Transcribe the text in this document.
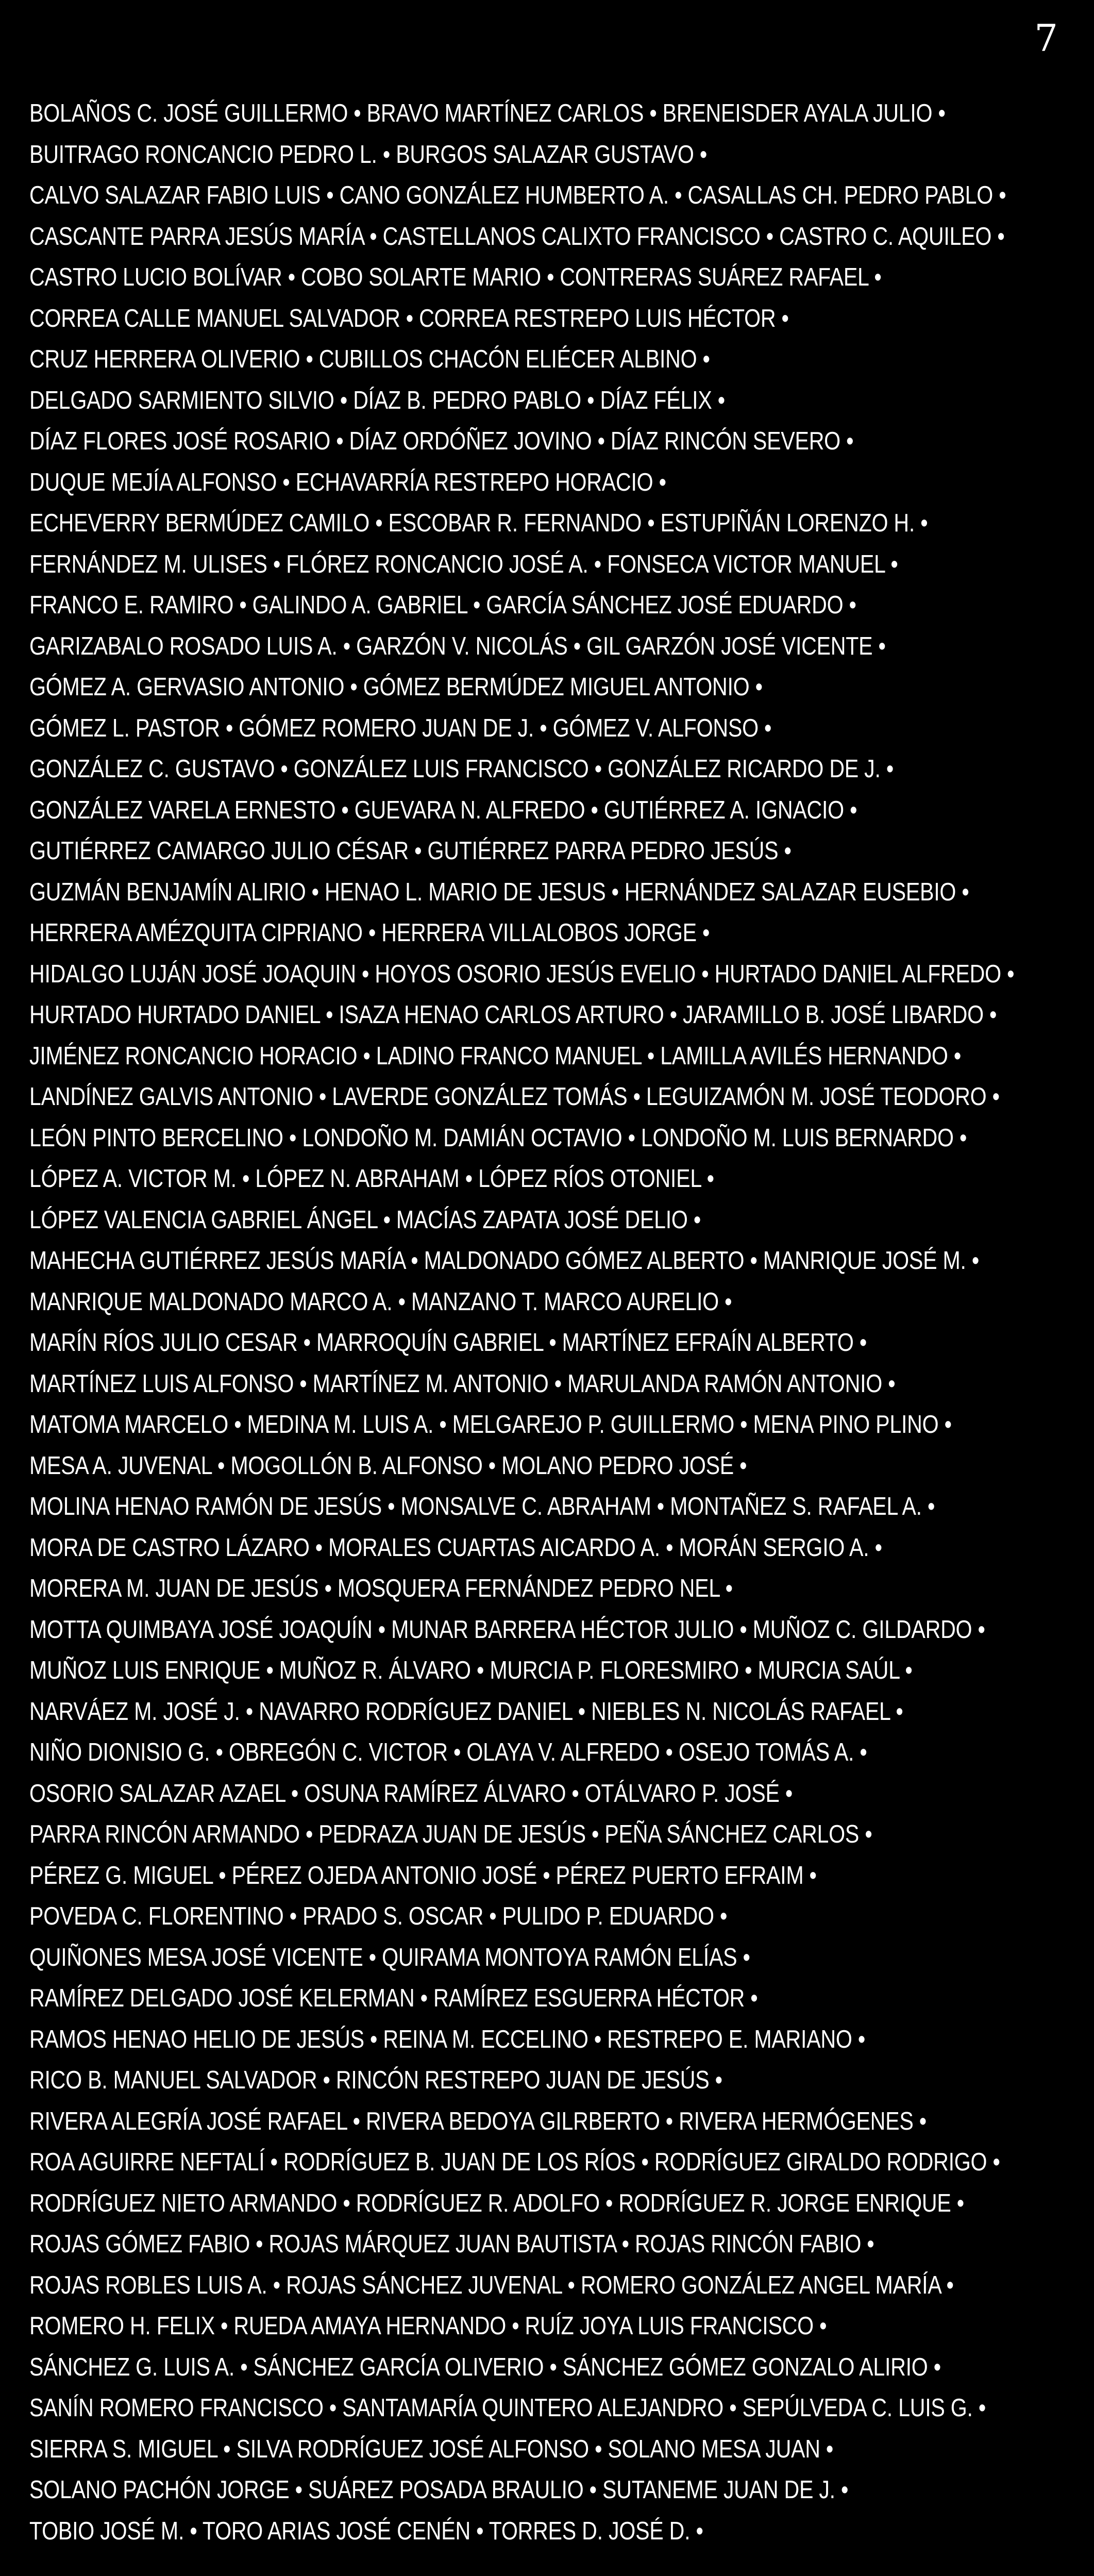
7
BOLAÑOS C. JOSÉ GUILLERMO • BRAVO MARTÍNEZ CARLOS • BRENEISDER AYALA JULIO •
BUITRAGO RONCANCIO PEDRO L. • BURGOS SALAZAR GUSTAVO •
CALVO SALAZAR FABIO LUIS • CANO GONZÁLEZ HUMBERTO A. • CASALLAS CH. PEDRO PABLO •
CASCANTE PARRA JESÚS MARÍA • CASTELLANOS CALIXTO FRANCISCO • CASTRO C. AQUILEO •
CASTRO LUCIO BOLÍVAR • COBO SOLARTE MARIO • CONTRERAS SUÁREZ RAFAEL •
CORREA CALLE MANUEL SALVADOR • CORREA RESTREPO LUIS HÉCTOR •
CRUZ HERRERA OLIVERIO • CUBILLOS CHACÓN ELIÉCER ALBINO •
DELGADO SARMIENTO SILVIO • DÍAZ B. PEDRO PABLO • DÍAZ FÉLIX •
DÍAZ FLORES JOSÉ ROSARIO • DÍAZ ORDÓÑEZ JOVINO • DÍAZ RINCÓN SEVERO •
DUQUE MEJÍA ALFONSO • ECHAVARRÍA RESTREPO HORACIO •
ECHEVERRY BERMÚDEZ CAMILO • ESCOBAR R. FERNANDO • ESTUPIÑÁN LORENZO H. •
FERNÁNDEZ M. ULISES • FLÓREZ RONCANCIO JOSÉ A. • FONSECA VICTOR MANUEL •
FRANCO E. RAMIRO • GALINDO A. GABRIEL • GARCÍA SÁNCHEZ JOSÉ EDUARDO •
GARIZABALO ROSADO LUIS A. • GARZÓN V. NICOLÁS • GIL GARZÓN JOSÉ VICENTE •
GÓMEZ A. GERVASIO ANTONIO • GÓMEZ BERMÚDEZ MIGUEL ANTONIO •
GÓMEZ L. PASTOR • GÓMEZ ROMERO JUAN DE J. • GÓMEZ V. ALFONSO •
GONZÁLEZ C. GUSTAVO • GONZÁLEZ LUIS FRANCISCO • GONZÁLEZ RICARDO DE J. •
GONZÁLEZ VARELA ERNESTO • GUEVARA N. ALFREDO • GUTIÉRREZ A. IGNACIO •
GUTIÉRREZ CAMARGO JULIO CÉSAR • GUTIÉRREZ PARRA PEDRO JESÚS •
GUZMÁN BENJAMÍN ALIRIO • HENAO L. MARIO DE JESUS • HERNÁNDEZ SALAZAR EUSEBIO •
HERRERA AMÉZQUITA CIPRIANO • HERRERA VILLALOBOS JORGE •
HIDALGO LUJÁN JOSÉ JOAQUIN • HOYOS OSORIO JESÚS EVELIO • HURTADO DANIEL ALFREDO •
HURTADO HURTADO DANIEL • ISAZA HENAO CARLOS ARTURO • JARAMILLO B. JOSÉ LIBARDO •
JIMÉNEZ RONCANCIO HORACIO • LADINO FRANCO MANUEL • LAMILLA AVILÉS HERNANDO •
LANDÍNEZ GALVIS ANTONIO • LAVERDE GONZÁLEZ TOMÁS • LEGUIZAMÓN M. JOSÉ TEODORO •
LEÓN PINTO BERCELINO • LONDOÑO M. DAMIÁN OCTAVIO • LONDOÑO M. LUIS BERNARDO •
LÓPEZ A. VICTOR M. • LÓPEZ N. ABRAHAM • LÓPEZ RÍOS OTONIEL •
LÓPEZ VALENCIA GABRIEL ÁNGEL • MACÍAS ZAPATA JOSÉ DELIO •
MAHECHA GUTIÉRREZ JESÚS MARÍA • MALDONADO GÓMEZ ALBERTO • MANRIQUE JOSÉ M. •
MANRIQUE MALDONADO MARCO A. • MANZANO T. MARCO AURELIO •
MARÍN RÍOS JULIO CESAR • MARROQUÍN GABRIEL • MARTÍNEZ EFRAÍN ALBERTO •
MARTÍNEZ LUIS ALFONSO • MARTÍNEZ M. ANTONIO • MARULANDA RAMÓN ANTONIO •
MATOMA MARCELO • MEDINA M. LUIS A. • MELGAREJO P. GUILLERMO • MENA PINO PLINO •
MESA A. JUVENAL • MOGOLLÓN B. ALFONSO • MOLANO PEDRO JOSÉ •
MOLINA HENAO RAMÓN DE JESÚS • MONSALVE C. ABRAHAM • MONTAÑEZ S. RAFAEL A. •
MORA DE CASTRO LÁZARO • MORALES CUARTAS AICARDO A. • MORÁN SERGIO A. •
MORERA M. JUAN DE JESÚS • MOSQUERA FERNÁNDEZ PEDRO NEL •
MOTTA QUIMBAYA JOSÉ JOAQUÍN • MUNAR BARRERA HÉCTOR JULIO • MUÑOZ C. GILDARDO •
MUÑOZ LUIS ENRIQUE • MUÑOZ R. ÁLVARO • MURCIA P. FLORESMIRO • MURCIA SAÚL •
NARVÁEZ M. JOSÉ J. • NAVARRO RODRÍGUEZ DANIEL • NIEBLES N. NICOLÁS RAFAEL •
NIÑO DIONISIO G. • OBREGÓN C. VICTOR • OLAYA V. ALFREDO • OSEJO TOMÁS A. •
OSORIO SALAZAR AZAEL • OSUNA RAMÍREZ ÁLVARO • OTÁLVARO P. JOSÉ •
PARRA RINCÓN ARMANDO • PEDRAZA JUAN DE JESÚS • PEÑA SÁNCHEZ CARLOS •
PÉREZ G. MIGUEL • PÉREZ OJEDA ANTONIO JOSÉ • PÉREZ PUERTO EFRAIM •
POVEDA C. FLORENTINO • PRADO S. OSCAR • PULIDO P. EDUARDO •
QUIÑONES MESA JOSÉ VICENTE • QUIRAMA MONTOYA RAMÓN ELÍAS •
RAMÍREZ DELGADO JOSÉ KELERMAN • RAMÍREZ ESGUERRA HÉCTOR •
RAMOS HENAO HELIO DE JESÚS • REINA M. ECCELINO • RESTREPO E. MARIANO •
RICO B. MANUEL SALVADOR • RINCÓN RESTREPO JUAN DE JESÚS •
RIVERA ALEGRÍA JOSÉ RAFAEL • RIVERA BEDOYA GILRBERTO • RIVERA HERMÓGENES •
ROA AGUIRRE NEFTALÍ • RODRÍGUEZ B. JUAN DE LOS RÍOS • RODRÍGUEZ GIRALDO RODRIGO •
RODRÍGUEZ NIETO ARMANDO • RODRÍGUEZ R. ADOLFO • RODRÍGUEZ R. JORGE ENRIQUE •
ROJAS GÓMEZ FABIO • ROJAS MÁRQUEZ JUAN BAUTISTA • ROJAS RINCÓN FABIO •
ROJAS ROBLES LUIS A. • ROJAS SÁNCHEZ JUVENAL • ROMERO GONZÁLEZ ANGEL MARÍA •
ROMERO H. FELIX • RUEDA AMAYA HERNANDO • RUÍZ JOYA LUIS FRANCISCO •
SÁNCHEZ G. LUIS A. • SÁNCHEZ GARCÍA OLIVERIO • SÁNCHEZ GÓMEZ GONZALO ALIRIO •
SANÍN ROMERO FRANCISCO • SANTAMARÍA QUINTERO ALEJANDRO • SEPÚLVEDA C. LUIS G. •
SIERRA S. MIGUEL • SILVA RODRÍGUEZ JOSÉ ALFONSO • SOLANO MESA JUAN •
SOLANO PACHÓN JORGE • SUÁREZ POSADA BRAULIO • SUTANEME JUAN DE J. •
TOBIO JOSÉ M. • TORO ARIAS JOSÉ CENÉN • TORRES D. JOSÉ D. •
